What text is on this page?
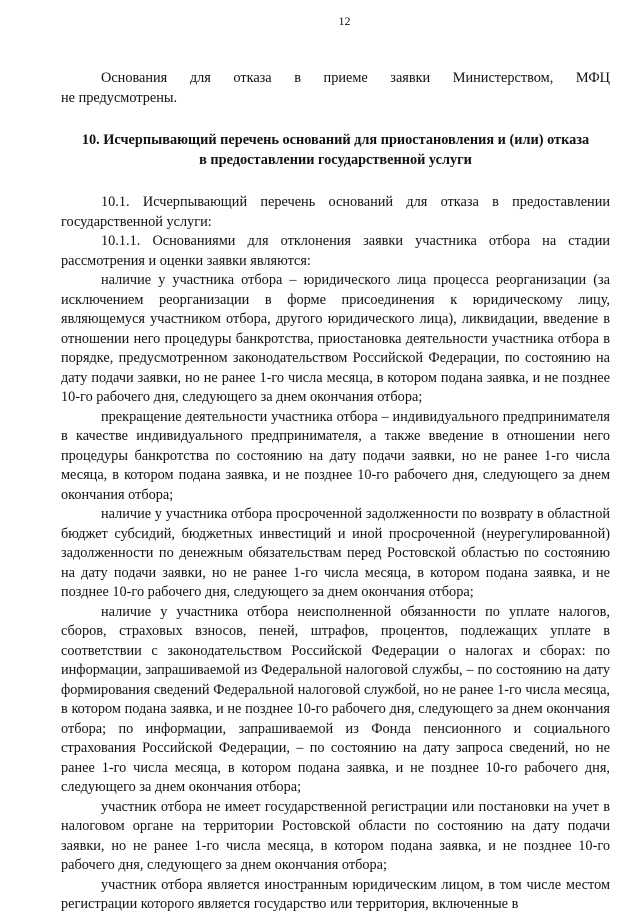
12

Основания для отказа в приеме заявки Министерством, МФЦ

не предусмотрены.

10. Исчерпывающий перечень оснований для приостановления и (или) отказа
в предоставлении государственной услуги

10.1. Исчерпывающий перечень оснований для отказа в предоставлении государственной услуги:

10.1.1. Основаниями для отклонения заявки участника отбора на стадии рассмотрения и оценки заявки являются:

наличие у участника отбора – юридического лица процесса реорганизации (за исключением реорганизации в форме присоединения к юридическому лицу, являющемуся участником отбора, другого юридического лица), ликвидации, введение в отношении него процедуры банкротства, приостановка деятельности участника отбора в порядке, предусмотренном законодательством Российской Федерации, по состоянию на дату подачи заявки, но не ранее 1-го числа месяца, в котором подана заявка, и не позднее 10-го рабочего дня, следующего за днем окончания отбора;

прекращение деятельности участника отбора – индивидуального предпринимателя в качестве индивидуального предпринимателя, а также введение в отношении него процедуры банкротства по состоянию на дату подачи заявки, но не ранее 1-го числа месяца, в котором подана заявка, и не позднее 10-го рабочего дня, следующего за днем окончания отбора;

наличие у участника отбора просроченной задолженности по возврату в областной бюджет субсидий, бюджетных инвестиций и иной просроченной (неурегулированной) задолженности по денежным обязательствам перед Ростовской областью по состоянию на дату подачи заявки, но не ранее 1-го числа месяца, в котором подана заявка, и не позднее 10-го рабочего дня, следующего за днем окончания отбора;

наличие у участника отбора неисполненной обязанности по уплате налогов, сборов, страховых взносов, пеней, штрафов, процентов, подлежащих уплате в соответствии с законодательством Российской Федерации о налогах и сборах: по информации, запрашиваемой из Федеральной налоговой службы, – по состоянию на дату формирования сведений Федеральной налоговой службой, но не ранее 1-го числа месяца, в котором подана заявка, и не позднее 10-го рабочего дня, следующего за днем окончания отбора; по информации, запрашиваемой из Фонда пенсионного и социального страхования Российской Федерации, – по состоянию на дату запроса сведений, но не ранее 1-го числа месяца, в котором подана заявка, и не позднее 10-го рабочего дня, следующего за днем окончания отбора;

участник отбора не имеет государственной регистрации или постановки на учет в налоговом органе на территории Ростовской области по состоянию на дату подачи заявки, но не ранее 1-го числа месяца, в котором подана заявка, и не позднее 10-го рабочего дня, следующего за днем окончания отбора;

участник отбора является иностранным юридическим лицом, в том числе местом регистрации которого является государство или территория, включенные в
